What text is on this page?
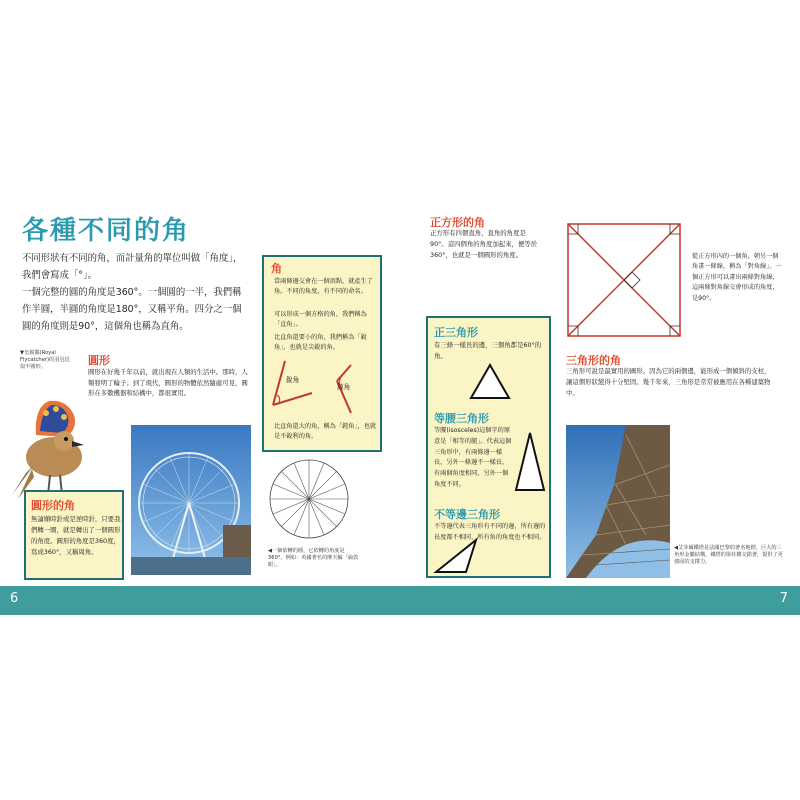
各種不同的角

不同形狀有不同的角，而計量角的單位叫做「角度」，我們會寫成「°」。

一個完整的圓的角度是360°。一個圓的一半，我們稱作半圓，半圓的角度是180°，又稱平角。四分之一個圓的角度則是90°，這個角也稱為直角。

▼皇霸鶲(Royal Flycatcher)的羽冠近似半圓形。	圓形
圓形在好幾千年以前，就出現在人類的生活中。那時，人類發明了輪子；到了現代，圓形的物體依然隨處可見，圓形在多數機器和結構中，都很實用。
圓形的角
無論順時針或是逆時針，只要我們轉一圈，就是轉出了一個圓形的角度。圓形的角度是360度，寫成360°，又稱周角。
角
當兩條邊交會在一個頂點，就產生了角。不同的角度，有不同的命名。
可以形成一個方格的角，我們稱為「直角」。
比直角還要小的角，我們稱為「銳角」，也就是尖銳的角。
銳角
鈍角
比直角還大的角，稱為「鈍角」，也就是不銳利的角。
◀一個依轉的圓，它依轉的角度是360°。例如：英國著名的摩天輪「倫敦眼」。
正方形的角
正方形有四個直角，直角的角度是90°。這四個角的角度加起來，便等於360°，也就是一個圓形的角度。	從正方形內的一個角，朝另一個角畫一條線，稱為「對角線」。一個正方形可以畫出兩條對角線，這兩條對角線交會形成的角度，是90°。
正三角形
有三條一樣長的邊，三個角都是60°的角。
等腰三角形
等腰(isosceles)這個字的原意是「相等的腿」。代表這個三角形中，有兩條邊一樣長，另外一條邊不一樣長，有兩個角度相同，另外一個角度不同。
不等邊三角形
不等邊代表三角形有不同的邊，所有邊的長度都不相同，所有角的角度也不相同。
三角形的角
三角形可說是最實用的圖形。因為它的兩個邊，能形成一個傾斜的支柱，讓這個形狀變得十分堅固。幾千年來，三角形是常常被應用在各種建築物中。
◀艾菲爾鐵塔是法國巴黎的著名地標，巨大的三角形金屬結構，鐵塔的梁柱構交錯著，提供了更強固的支撐力。
6	7
